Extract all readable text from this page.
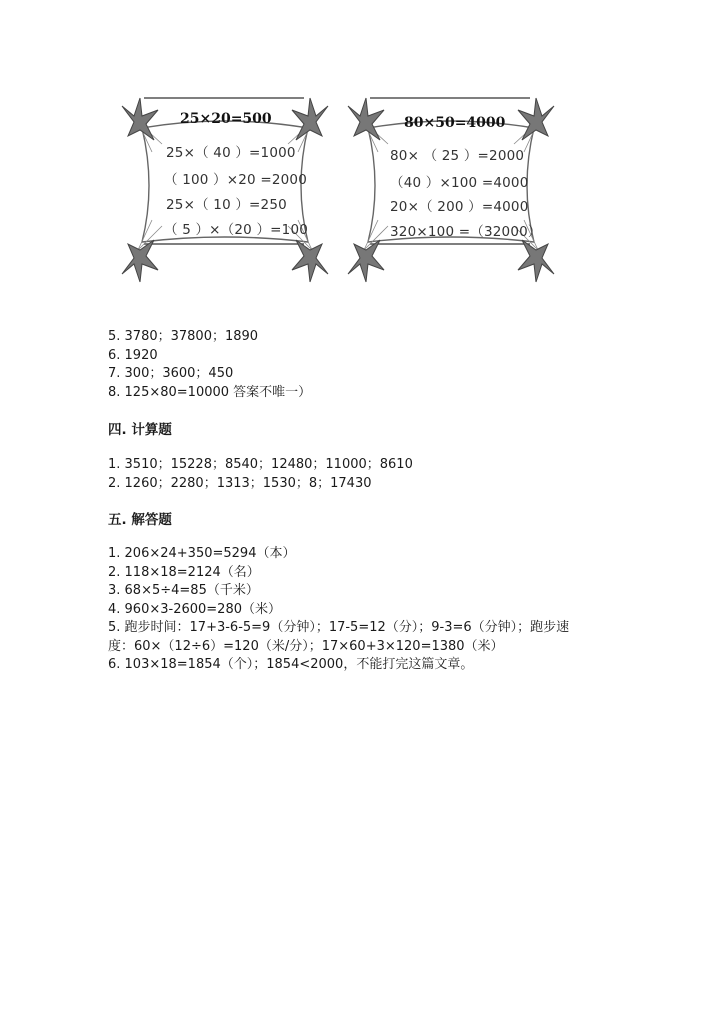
25×20=500
25×（ 40 ）=1000
（ 100 ）×20 =2000
25×（ 10 ）=250
（ 5 ）×（20 ）=100
80×50=4000
80× （ 25 ）=2000
（40 ）×100 =4000
20×（ 200 ）=4000
320×100 =（32000）
5. 3780；37800；1890
6. 1920
7. 300；3600；450
8. 125×80=10000 答案不唯一）
四. 计算题
1. 3510；15228；8540；12480；11000；8610
2. 1260；2280；1313；1530；8；17430
五. 解答题
1. 206×24+350=5294（本）
2. 118×18=2124（名）
3. 68×5÷4=85（千米）
4. 960×3-2600=280（米）
5. 跑步时间：17+3-6-5=9（分钟）；17-5=12（分）；9-3=6（分钟）；跑步速
度：60×（12÷6）=120（米/分）；17×60+3×120=1380（米）
6. 103×18=1854（个）；1854<2000，不能打完这篇文章。
